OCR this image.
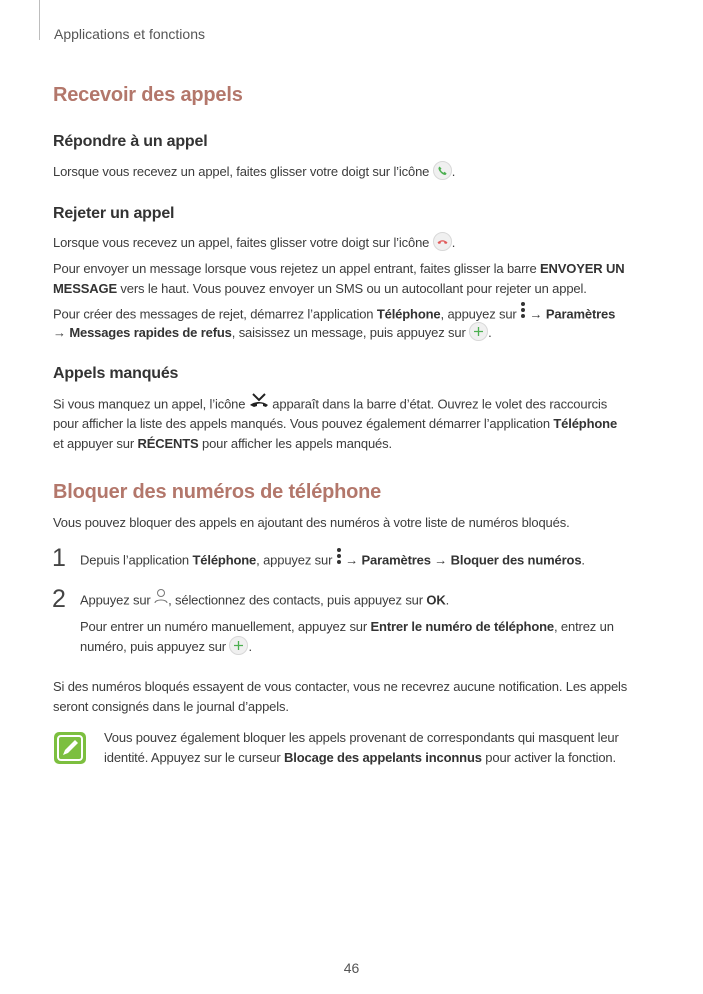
Applications et fonctions
Recevoir des appels
Répondre à un appel
Lorsque vous recevez un appel, faites glisser votre doigt sur l’icône .
Rejeter un appel
Lorsque vous recevez un appel, faites glisser votre doigt sur l’icône .
Pour envoyer un message lorsque vous rejetez un appel entrant, faites glisser la barre ENVOYER UN
MESSAGE vers le haut. Vous pouvez envoyer un SMS ou un autocollant pour rejeter un appel.
Pour créer des messages de rejet, démarrez l’application Téléphone, appuyez sur  → Paramètres
→ Messages rapides de refus, saisissez un message, puis appuyez sur .
Appels manqués
Si vous manquez un appel, l’icône apparaît dans la barre d’état. Ouvrez le volet des raccourcis
pour afficher la liste des appels manqués. Vous pouvez également démarrer l’application Téléphone
et appuyer sur RÉCENTS pour afficher les appels manqués.
Bloquer des numéros de téléphone
Vous pouvez bloquer des appels en ajoutant des numéros à votre liste de numéros bloqués.
1 Depuis l’application Téléphone, appuyez sur  → Paramètres → Bloquer des numéros.
2 Appuyez sur , sélectionnez des contacts, puis appuyez sur OK.
Pour entrer un numéro manuellement, appuyez sur Entrer le numéro de téléphone, entrez un
numéro, puis appuyez sur .
Si des numéros bloqués essayent de vous contacter, vous ne recevrez aucune notification. Les appels
seront consignés dans le journal d’appels.
Vous pouvez également bloquer les appels provenant de correspondants qui masquent leur
identité. Appuyez sur le curseur Blocage des appelants inconnus pour activer la fonction.
46
